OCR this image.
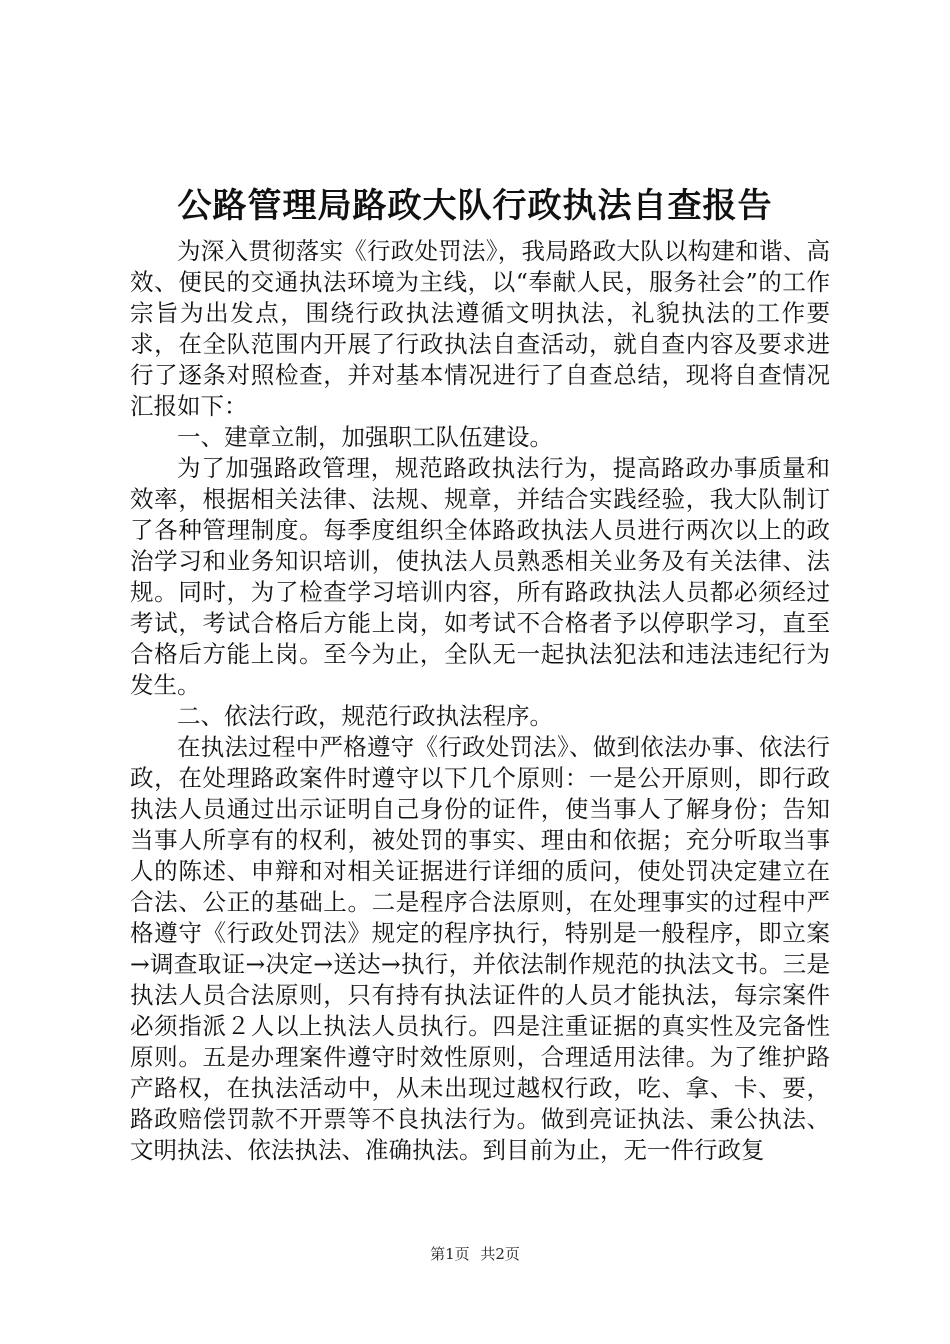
公路管理局路政大队行政执法自查报告

为深入贯彻落实《行政处罚法》，我局路政大队以构建和谐、高效、便民的交通执法环境为主线，以“奉献人民，服务社会”的工作宗旨为出发点，围绕行政执法遵循文明执法，礼貌执法的工作要求，在全队范围内开展了行政执法自查活动，就自查内容及要求进行了逐条对照检查，并对基本情况进行了自查总结，现将自查情况汇报如下：

一、建章立制，加强职工队伍建设。

为了加强路政管理，规范路政执法行为，提高路政办事质量和效率，根据相关法律、法规、规章，并结合实践经验，我大队制订了各种管理制度。每季度组织全体路政执法人员进行两次以上的政治学习和业务知识培训，使执法人员熟悉相关业务及有关法律、法规。同时，为了检查学习培训内容，所有路政执法人员都必须经过考试，考试合格后方能上岗，如考试不合格者予以停职学习，直至合格后方能上岗。至今为止，全队无一起执法犯法和违法违纪行为发生。

二、依法行政，规范行政执法程序。

在执法过程中严格遵守《行政处罚法》、做到依法办事、依法行政，在处理路政案件时遵守以下几个原则：一是公开原则，即行政执法人员通过出示证明自己身份的证件，使当事人了解身份；告知当事人所享有的权利，被处罚的事实、理由和依据；充分听取当事人的陈述、申辩和对相关证据进行详细的质问，使处罚决定建立在合法、公正的基础上。二是程序合法原则，在处理事实的过程中严格遵守《行政处罚法》规定的程序执行，特别是一般程序，即立案→调查取证→决定→送达→执行，并依法制作规范的执法文书。三是执法人员合法原则，只有持有执法证件的人员才能执法，每宗案件必须指派２人以上执法人员执行。四是注重证据的真实性及完备性原则。五是办理案件遵守时效性原则，合理适用法律。为了维护路产路权，在执法活动中，从未出现过越权行政，吃、拿、卡、要，路政赔偿罚款不开票等不良执法行为。做到亮证执法、秉公执法、文明执法、依法执法、准确执法。到目前为止，无一件行政复

第1页 共2页
